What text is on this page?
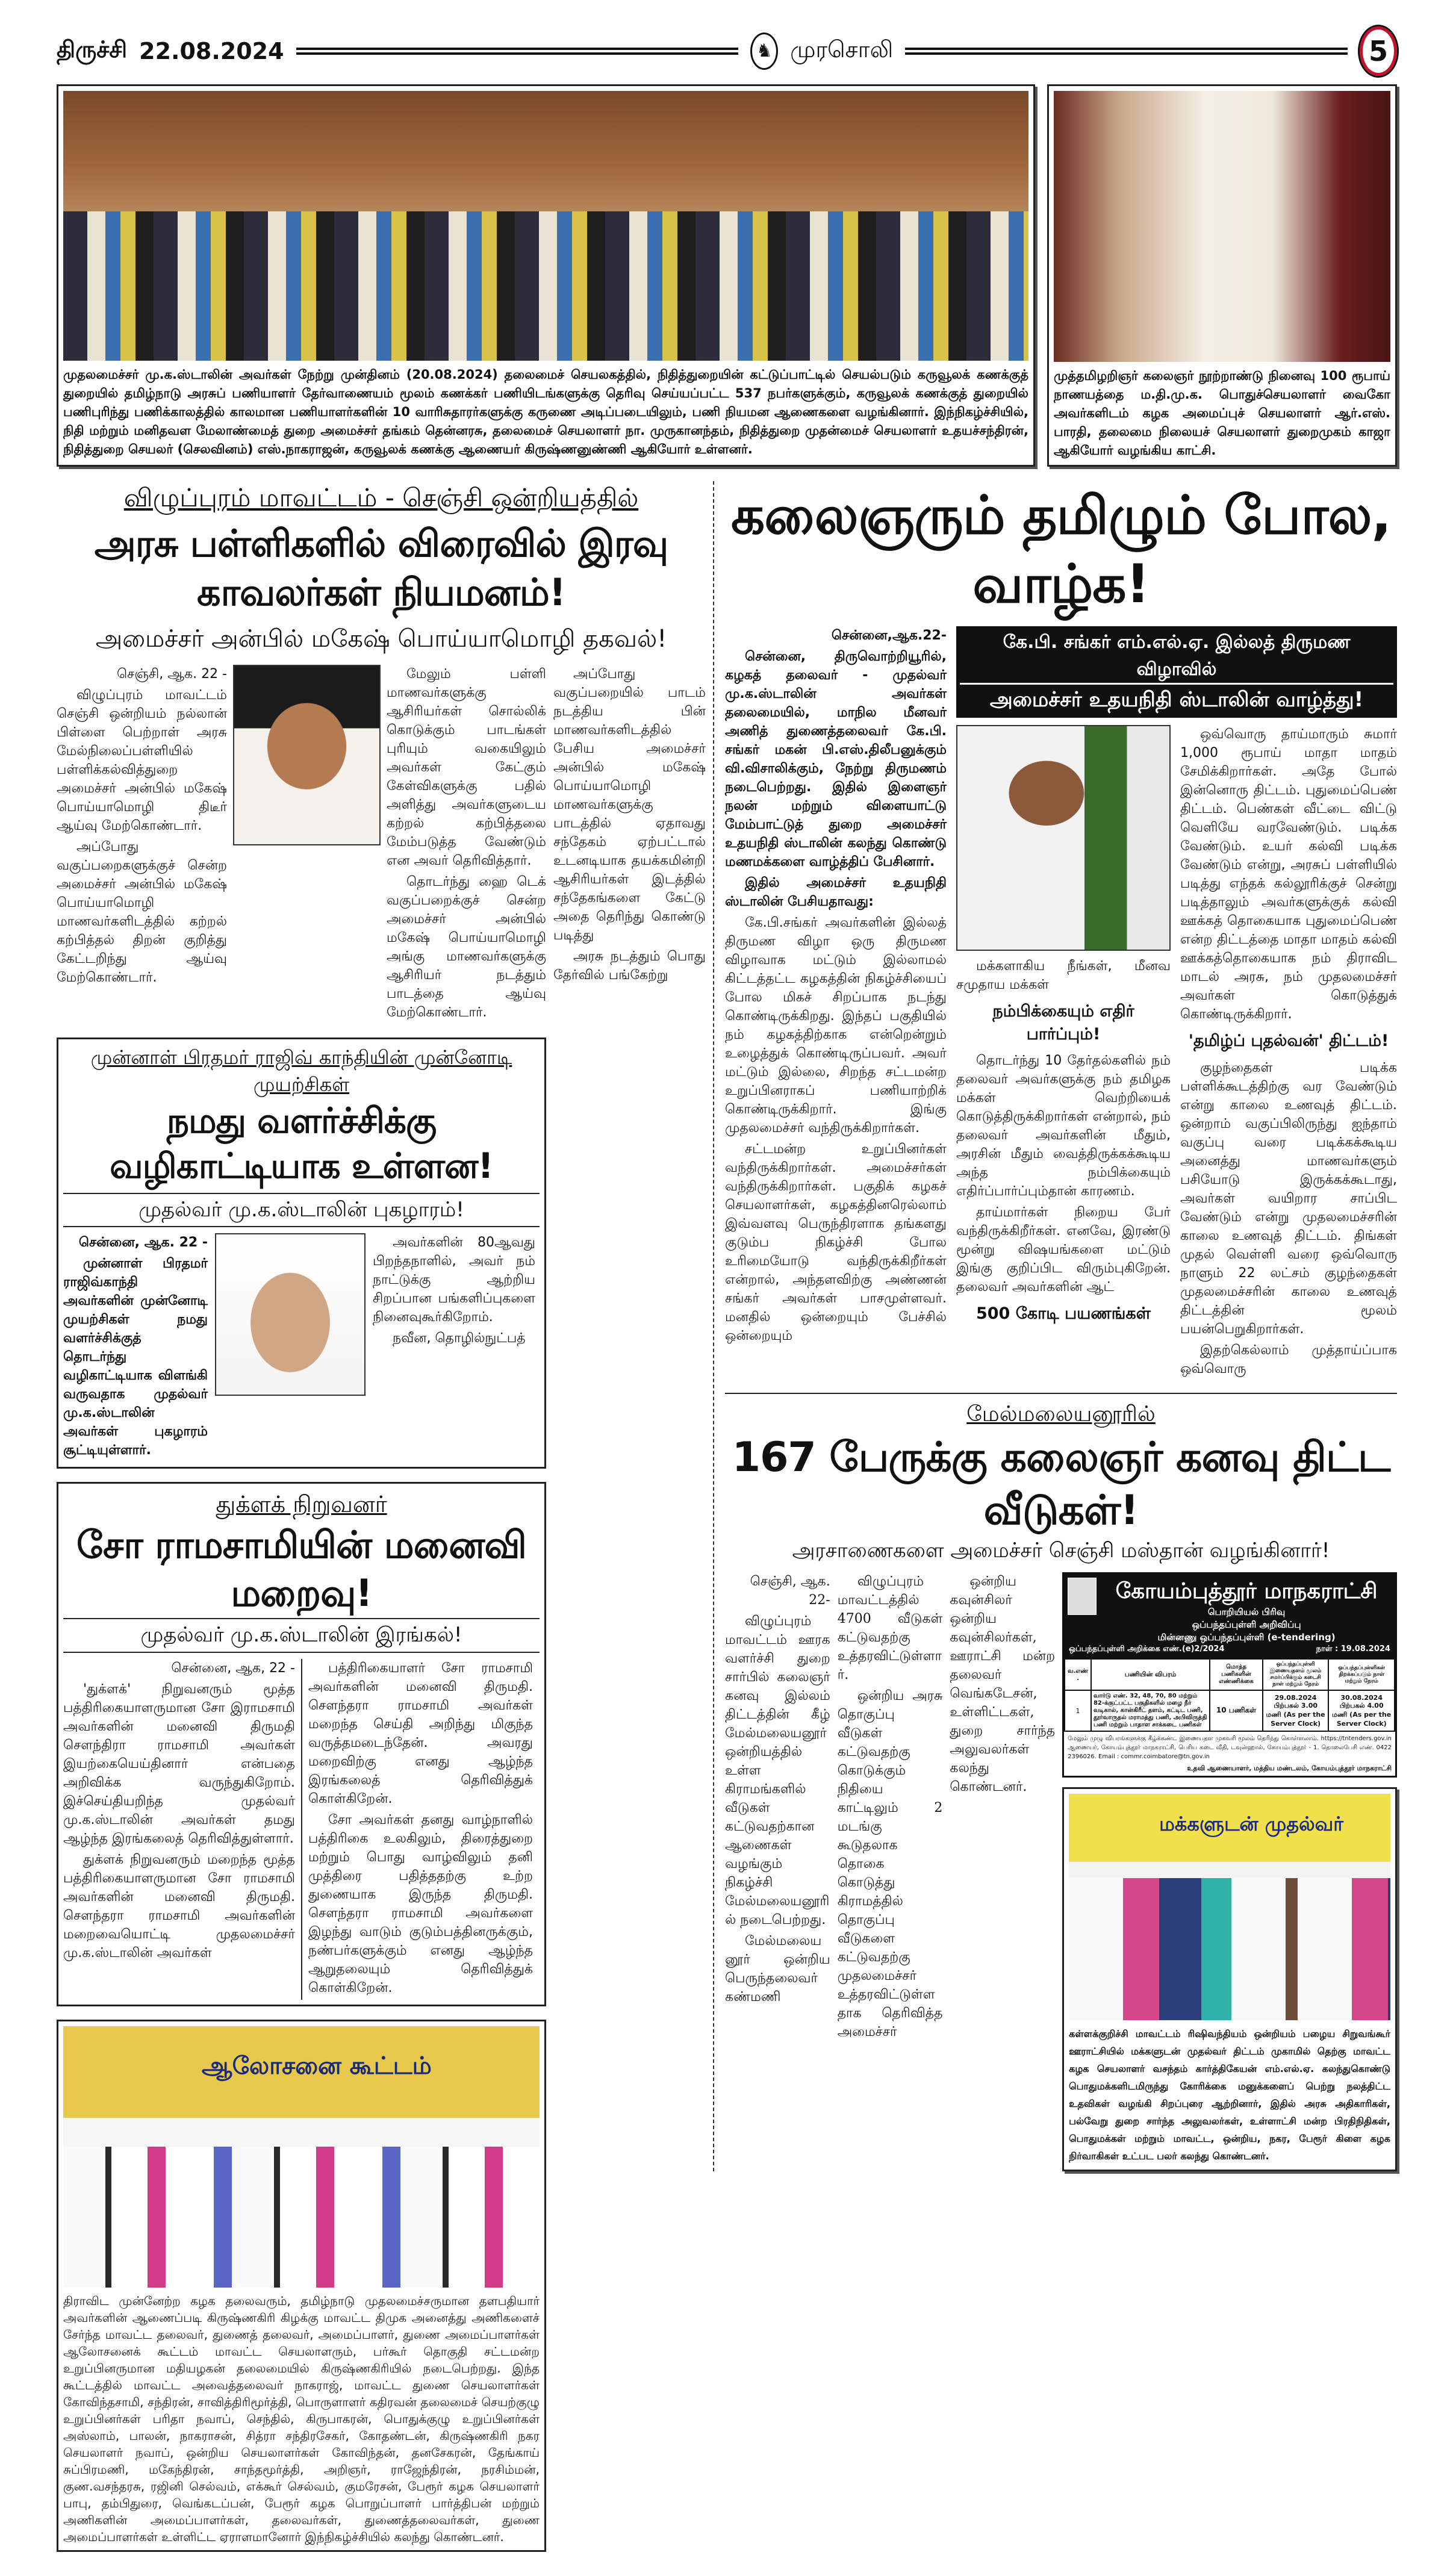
திருச்சி 22.08.2024	♞ முரசொலி	5
முதலமைச்சர் மு.க.ஸ்டாலின் அவர்கள் நேற்று முன்தினம் (20.08.2024) தலைமைச் செயலகத்தில், நிதித்துறையின் கட்டுப்பாட்டில் செயல்படும் கருவூலக் கணக்குத் துறையில் தமிழ்நாடு அரசுப் பணியாளர் தேர்வாணையம் மூலம் கணக்கர் பணியிடங்களுக்கு தெரிவு செய்யப்பட்ட 537 நபர்களுக்கும், கருவூலக் கணக்குத் துறையில் பணிபுரிந்து பணிக்காலத்தில் காலமான பணியாளர்களின் 10 வாரிசுதாரர்களுக்கு கருணை அடிப்படையிலும், பணி நியமன ஆணைகளை வழங்கினார். இந்நிகழ்ச்சியில், நிதி மற்றும் மனிதவள மேலாண்மைத் துறை அமைச்சர் தங்கம் தென்னரசு, தலைமைச் செயலாளர் நா. முருகானந்தம், நிதித்துறை முதன்மைச் செயலாளர் உதயச்சந்திரன், நிதித்துறை செயலர் (செலவினம்) எஸ்.நாகராஜன், கருவூலக் கணக்கு ஆணையர் கிருஷ்ணனுண்ணி ஆகியோர் உள்ளனர்.
முத்தமிழறிஞர் கலைஞர் நூற்றாண்டு நினைவு 100 ரூபாய் நாணயத்தை ம.தி.மு.க. பொதுச்செயலாளர் வைகோ அவர்களிடம் கழக அமைப்புச் செயலாளர் ஆர்.எஸ். பாரதி, தலைமை நிலையச் செயலாளர் துறைமுகம் காஜா ஆகியோர் வழங்கிய காட்சி.
விழுப்புரம் மாவட்டம் - செஞ்சி ஒன்றியத்தில்
அரசு பள்ளிகளில் விரைவில் இரவு காவலர்கள் நியமனம்!
அமைச்சர் அன்பில் மகேஷ் பொய்யாமொழி தகவல்!

செஞ்சி, ஆக. 22 -

விழுப்புரம் மாவட்டம் செஞ்சி ஒன்றியம் நல்லான் பிள்ளை பெற்றாள் அரசு மேல்நிலைப்பள்ளியில் பள்ளிக்கல்வித்துறை அமைச்சர் அன்பில் மகேஷ் பொய்யாமொழி திடீர் ஆய்வு மேற்கொண்டார்.

அப்போது வகுப்பறைகளுக்குச் சென்ற அமைச்சர் அன்பில் மகேஷ் பொய்யாமொழி மாணவர்களிடத்தில் கற்றல் கற்பித்தல் திறன் குறித்து கேட்டறிந்து ஆய்வு மேற்கொண்டார்.

மேலும் பள்ளி மாணவர்களுக்கு ஆசிரியர்கள் சொல்லிக் கொடுக்கும் பாடங்கள் புரியும் வகையிலும் அவர்கள் கேட்கும் கேள்விகளுக்கு பதில் அளித்து அவர்களுடைய கற்றல் கற்பித்தலை மேம்படுத்த வேண்டும் என அவர் தெரிவித்தார்.

தொடர்ந்து ஹை டெக் வகுப்பறைக்குச் சென்ற அமைச்சர் அன்பில் மகேஷ் பொய்யாமொழி அங்கு மாணவர்களுக்கு ஆசிரியர் நடத்தும் பாடத்தை ஆய்வு மேற்கொண்டார்.

முன்னாள் பிரதமர் ராஜிவ் காந்தியின் முன்னோடி முயற்சிகள்
நமது வளர்ச்சிக்கு வழிகாட்டியாக உள்ளன!
முதல்வர் மு.க.ஸ்டாலின் புகழாரம்!

சென்னை, ஆக. 22 -

முன்னாள் பிரதமர் ராஜிவ்காந்தி அவர்களின் முன்னோடி முயற்சிகள் நமது வளர்ச்சிக்குத் தொடர்ந்து வழிகாட்டியாக விளங்கி வருவதாக முதல்வர் மு.க.ஸ்டாலின் அவர்கள் புகழாரம் சூட்டியுள்ளார்.

அவர்களின் 80ஆவது பிறந்தநாளில், அவர் நம் நாட்டுக்கு ஆற்றிய சிறப்பான பங்களிப்புகளை நினைவுகூர்கிறோம்.

நவீன, தொழில்நுட்பத்

துக்ளக் நிறுவனர்
சோ ராமசாமியின் மனைவி மறைவு!
முதல்வர் மு.க.ஸ்டாலின் இரங்கல்!

சென்னை, ஆக, 22 -

'துக்ளக்' நிறுவனரும் மூத்த பத்திரிகையாளருமான சோ இராமசாமி அவர்களின் மனைவி திருமதி சௌந்திரா ராமசாமி அவர்கள் இயற்கையெய்தினார் என்பதை அறிவிக்க வருந்துகிறோம். இச்செய்தியறிந்த முதல்வர் மு.க.ஸ்டாலின் அவர்கள் தமது ஆழ்ந்த இரங்கலைத் தெரிவித்துள்ளார்.

துக்ளக் நிறுவனரும் மறைந்த மூத்த பத்திரிகையாளருமான சோ ராமசாமி அவர்களின் மனைவி திருமதி. சௌந்தரா ராமசாமி அவர்களின் மறைவையொட்டி முதலமைச்சர் மு.க.ஸ்டாலின் அவர்கள்

பத்திரிகையாளர் சோ ராமசாமி அவர்களின் மனைவி திருமதி. சௌந்தரா ராமசாமி அவர்கள் மறைந்த செய்தி அறிந்து மிகுந்த வருத்தமடைந்தேன். அவரது மறைவிற்கு எனது ஆழ்ந்த இரங்கலைத் தெரிவித்துக் கொள்கிறேன்.

சோ அவர்கள் தனது வாழ்நாளில் பத்திரிகை உலகிலும், திரைத்துறை மற்றும் பொது வாழ்விலும் தனி முத்திரை பதித்ததற்கு உற்ற துணையாக இருந்த திருமதி. சௌந்தரா ராமசாமி அவர்களை இழந்து வாடும் குடும்பத்தினருக்கும், நண்பர்களுக்கும் எனது ஆழ்ந்த ஆறுதலையும் தெரிவித்துக் கொள்கிறேன்.

ஆலோசனை கூட்டம்
திராவிட முன்னேற்ற கழக தலைவரும், தமிழ்நாடு முதலமைச்சருமான தளபதியார் அவர்களின் ஆணைப்படி கிருஷ்ணகிரி கிழக்கு மாவட்ட திமுக அனைத்து அணிகளைச் சேர்ந்த மாவட்ட தலைவர், துணைத் தலைவர், அமைப்பாளர், துணை அமைப்பாளர்கள் ஆலோசனைக் கூட்டம் மாவட்ட செயலாளரும், பர்கூர் தொகுதி சட்டமன்ற உறுப்பினருமான மதியழகன் தலைமையில் கிருஷ்ணகிரியில் நடைபெற்றது. இந்த கூட்டத்தில் மாவட்ட அவைத்தலைவர் நாகராஜ், மாவட்ட துணை செயலாளர்கள் கோவிந்தசாமி, சந்திரன், சாவித்திரிமூர்த்தி, பொருளாளர் கதிரவன் தலைமைச் செயற்குழு உறுப்பினர்கள் பரிதா நவாப், செந்தில், கிருபாகரன், பொதுக்குழு உறுப்பினர்கள் அஸ்லாம், பாலன், நாகராசன், சித்ரா சந்திரசேகர், கோதண்டன், கிருஷ்ணகிரி நகர செயலாளர் நவாப், ஒன்றிய செயலாளர்கள் கோவிந்தன், தனசேகரன், தேங்காய் சுப்பிரமணி, மகேந்திரன், சாந்தமூர்த்தி, அறிஞர், ராஜேந்திரன், நரசிம்மன், குண.வசந்தரசு, ரஜினி செல்வம், எக்கூர் செல்வம், குமரேசன், பேரூர் கழக செயலாளர் பாபு, தம்பிதுரை, வெங்கடப்பன், பேரூர் கழக பொறுப்பாளர் பார்த்திபன் மற்றும் அணிகளின் அமைப்பாளர்கள், தலைவர்கள், துணைத்தலைவர்கள், துணை அமைப்பாளர்கள் உள்ளிட்ட ஏராளமானோர் இந்நிகழ்ச்சியில் கலந்து கொண்டனர்.

அப்போது வகுப்பறையில் பாடம் நடத்திய பின் மாணவர்களிடத்தில் பேசிய அமைச்சர் அன்பில் மகேஷ் பொய்யாமொழி மாணவர்களுக்கு பாடத்தில் ஏதாவது சந்தேகம் ஏற்பட்டால் உடனடியாக தயக்கமின்றி ஆசிரியர்கள் இடத்தில் சந்தேகங்களை கேட்டு அதை தெரிந்து கொண்டு படித்து

அரசு நடத்தும் பொது தேர்வில் பங்கேற்று

கலைஞரும் தமிழும் போல, வாழ்க!

சென்னை,ஆக.22-

சென்னை, திருவொற்றியூரில், கழகத் தலைவர் - முதல்வர் மு.க.ஸ்டாலின் அவர்கள் தலைமையில், மாநில மீனவர் அணித் துணைத்தலைவர் கே.பி. சங்கர் மகன் பி.எஸ்.திலீபனுக்கும் வி.விசாலிக்கும், நேற்று திருமணம் நடைபெற்றது. இதில் இளைஞர் நலன் மற்றும் விளையாட்டு மேம்பாட்டுத் துறை அமைச்சர் உதயநிதி ஸ்டாலின் கலந்து கொண்டு மணமக்களை வாழ்த்திப் பேசினார்.

இதில் அமைச்சர் உதயநிதி ஸ்டாலின் பேசியதாவது:

கே.பி.சங்கர் அவர்களின் இல்லத் திருமண விழா ஒரு திருமண விழாவாக மட்டும் இல்லாமல் கிட்டத்தட்ட கழகத்தின் நிகழ்ச்சியைப் போல மிகச் சிறப்பாக நடந்து கொண்டிருக்கிறது. இந்தப் பகுதியில் நம் கழகத்திற்காக என்றென்றும் உழைத்துக் கொண்டிருப்பவர். அவர் மட்டும் இல்லை, சிறந்த சட்டமன்ற உறுப்பினராகப் பணியாற்றிக் கொண்டிருக்கிறார். இங்கு முதலமைச்சர் வந்திருக்கிறார்கள்.

சட்டமன்ற உறுப்பினர்கள் வந்திருக்கிறார்கள். அமைச்சர்கள் வந்திருக்கிறார்கள். பகுதிக் கழகச் செயலாளர்கள், கழகத்தினரெல்லாம் இவ்வளவு பெருந்திரளாக தங்களது குடும்ப நிகழ்ச்சி போல உரிமையோடு வந்திருக்கிறீர்கள் என்றால், அந்தளவிற்கு அண்ணன் சங்கர் அவர்கள் பாசமுள்ளவர். மனதில் ஒன்றையும் பேச்சில் ஒன்றையும்

கே.பி. சங்கர் எம்.எல்.ஏ. இல்லத் திருமண விழாவில்
அமைச்சர் உதயநிதி ஸ்டாலின் வாழ்த்து!

மக்களாகிய நீங்கள், மீனவ சமுதாய மக்கள்

நம்பிக்கையும் எதிர் பார்ப்பும்!

தொடர்ந்து 10 தேர்தல்களில் நம் தலைவர் அவர்களுக்கு நம் தமிழக மக்கள் வெற்றியைக் கொடுத்திருக்கிறார்கள் என்றால், நம் தலைவர் அவர்களின் மீதும், அரசின் மீதும் வைத்திருக்கக்கூடிய அந்த நம்பிக்கையும் எதிர்ப்பார்ப்பும்தான் காரணம்.

தாய்மார்கள் நிறைய பேர் வந்திருக்கிறீர்கள். எனவே, இரண்டு மூன்று விஷயங்களை மட்டும் இங்கு குறிப்பிட விரும்புகிறேன். தலைவர் அவர்களின் ஆட்

500 கோடி பயணங்கள்

ஒவ்வொரு தாய்மாரும் சுமார் 1,000 ரூபாய் மாதா மாதம் சேமிக்கிறார்கள். அதே போல் இன்னொரு திட்டம். புதுமைப்பெண் திட்டம். பெண்கள் வீட்டை விட்டு வெளியே வரவேண்டும். படிக்க வேண்டும். உயர் கல்வி படிக்க வேண்டும் என்று, அரசுப் பள்ளியில் படித்து எந்தக் கல்லூரிக்குச் சென்று படித்தாலும் அவர்களுக்குக் கல்வி ஊக்கத் தொகையாக புதுமைப்பெண் என்ற திட்டத்தை மாதா மாதம் கல்வி ஊக்கத்தொகையாக நம் திராவிட மாடல் அரசு, நம் முதலமைச்சர் அவர்கள் கொடுத்துக் கொண்டிருக்கிறார்.

'தமிழ்ப் புதல்வன்' திட்டம்!

குழந்தைகள் படிக்க பள்ளிக்கூடத்திற்கு வர வேண்டும் என்று காலை உணவுத் திட்டம். ஒன்றாம் வகுப்பிலிருந்து ஐந்தாம் வகுப்பு வரை படிக்கக்கூடிய அனைத்து மாணவர்களும் பசியோடு இருக்கக்கூடாது, அவர்கள் வயிறார சாப்பிட வேண்டும் என்று முதலமைச்சரின் காலை உணவுத் திட்டம். திங்கள் முதல் வெள்ளி வரை ஒவ்வொரு நாளும் 22 லட்சம் குழந்தைகள் முதலமைச்சரின் காலை உணவுத் திட்டத்தின் மூலம் பயன்பெறுகிறார்கள்.

இதற்கெல்லாம் முத்தாய்ப்பாக ஒவ்வொரு

மேல்மலையனூரில்
167 பேருக்கு கலைஞர் கனவு திட்ட வீடுகள்!
அரசாணைகளை அமைச்சர் செஞ்சி மஸ்தான் வழங்கினார்!

செஞ்சி, ஆக. 22-

விழுப்புரம் மாவட்டம் ஊரக வளர்ச்சி துறை சார்பில் கலைஞர் கனவு இல்லம் திட்டத்தின் கீழ் மேல்மலையனூர் ஒன்றியத்தில் உள்ள கிராமங்களில் வீடுகள் கட்டுவதற்கான ஆணைகள் வழங்கும் நிகழ்ச்சி மேல்மலையனூரில் நடைபெற்றது.

மேல்மலையனூர் ஒன்றிய பெருந்தலைவர் கண்மணி

விழுப்புரம் மாவட்டத்தில் 4700 வீடுகள் கட்டுவதற்கு உத்தரவிட்டுள்ளார்.

ஒன்றிய அரசு தொகுப்பு வீடுகள் கட்டுவதற்கு கொடுக்கும் நிதியை காட்டிலும் 2 மடங்கு கூடுதலாக தொகை கொடுத்து கிராமத்தில் தொகுப்பு வீடுகளை கட்டுவதற்கு முதலமைச்சர் உத்தரவிட்டுள்ளதாக தெரிவித்த அமைச்சர்

ஒன்றிய கவுன்சிலர் ஒன்றிய கவுன்சிலர்கள், ஊராட்சி மன்ற தலைவர் வெங்கடேசன், உள்ளிட்டகள், துறை சார்ந்த அலுவலர்கள் கலந்து கொண்டனர்.

கோயம்புத்தூர் மாநகராட்சி
பொறியியல் பிரிவு
ஒப்பந்தப்புள்ளி அறிவிப்பு
மின்னணு ஒப்பந்தப்புள்ளி (e-tendering)
ஒப்பந்தப்புள்ளி அறிக்கை எண்.(e)2/2024	நாள் : 19.08.2024
வ.எண்.	பணியின் விபரம்	மொத்த பணிகளின் எண்ணிக்கை	ஒப்பந்தப்புள்ளி இணையதளம் மூலம் சமர்ப்பிக்கும் கடைசி நாள் மற்றும் நேரம்	ஒப்பந்தப்புள்ளிகள் திறக்கப்படும் நாள் மற்றும் நேரம்
1	வார்டு எண். 32, 48, 70, 80 மற்றும் 82-க்குட்பட்ட பகுதிகளில் மழை நீர் வடிகால், கான்கிரீட் தளம், கட்டிட பணி, தூர்வாருதல் மராமத்து பணி, அபிவிருத்தி பணி மற்றும் பாதாள சாக்கடை பணிகள்	10 பணிகள்	29.08.2024 பிற்பகல் 3.00 மணி (As per the Server Clock)	30.08.2024 பிற்பகல் 4.00 மணி (As per the Server Clock)
மேலும் முழு விபரங்களுக்கு கீழ்க்கண்ட இணையதள முகவரி மூலம் தெரிந்து கொள்ளலாம். https://tntenders.gov.in ஆணையர், கோயம்புத்தூர் மாநகராட்சி, பெரிய கடை வீதி, டவுன்ஹால், கோயம்புத்தூர் - 1. தொலைபேசி எண். 0422 2396026. Email : commr.coimbatore@tn.gov.in
உதவி ஆணையாளர், மத்திய மண்டலம், கோயம்புத்தூர் மாநகராட்சி
மக்களுடன் முதல்வர்
கள்ளக்குறிச்சி மாவட்டம் ரிஷிவந்தியம் ஒன்றியம் பழைய சிறுவங்கூர் ஊராட்சியில் மக்களுடன் முதல்வர் திட்டம் முகாமில் தெற்கு மாவட்ட கழக செயலாளர் வசந்தம் கார்த்திகேயன் எம்.எல்.ஏ. கலந்துகொண்டு பொதுமக்களிடமிருந்து கோரிக்கை மனுக்களைப் பெற்று நலத்திட்ட உதவிகள் வழங்கி சிறப்புரை ஆற்றினார், இதில் அரசு அதிகாரிகள், பல்வேறு துறை சார்ந்த அலுவலர்கள், உள்ளாட்சி மன்ற பிரதிநிதிகள், பொதுமக்கள் மற்றும் மாவட்ட, ஒன்றிய, நகர, பேரூர் கிளை கழக நிர்வாகிகள் உட்பட பலர் கலந்து கொண்டனர்.
